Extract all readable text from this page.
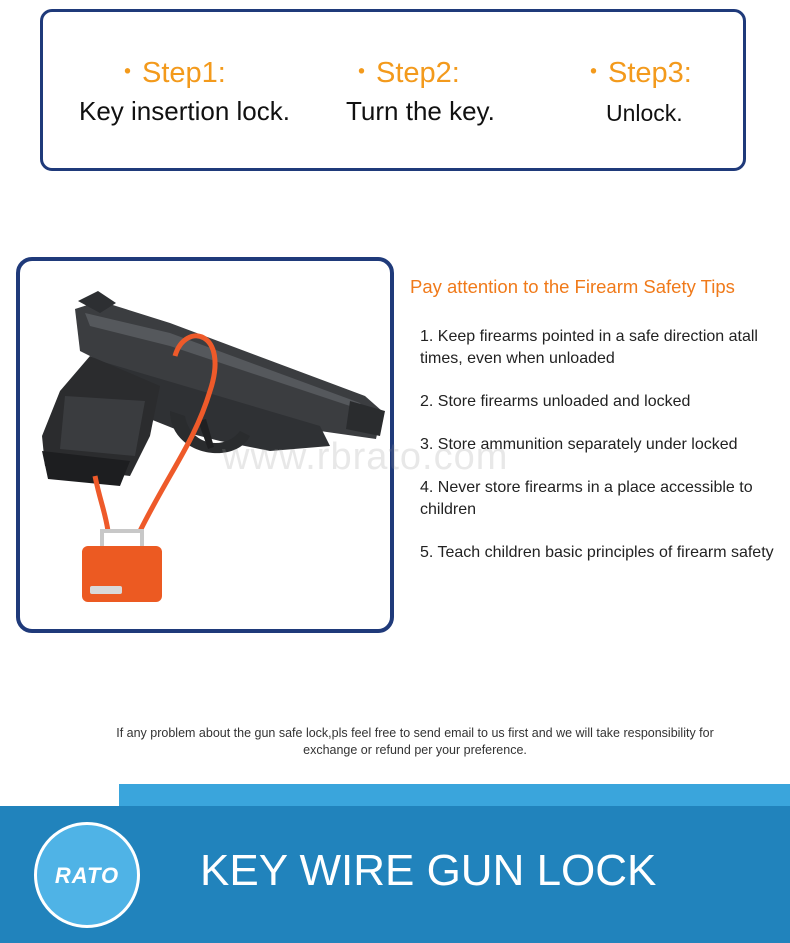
・Step1:
Key insertion lock.
・Step2:
Turn the key.
・Step3:
Unlock.
www.rbrato.com
Pay attention to the Firearm Safety Tips
1. Keep firearms pointed in a safe direction atall times, even when unloaded
2. Store firearms unloaded and locked
3. Store ammunition separately under locked
4. Never store firearms in a place accessible to children
5. Teach children basic principles of firearm safety
If any problem about the gun safe lock,pls feel free to send email to us first and we will take responsibility for exchange or refund per your preference.
RATO	KEY WIRE GUN LOCK
